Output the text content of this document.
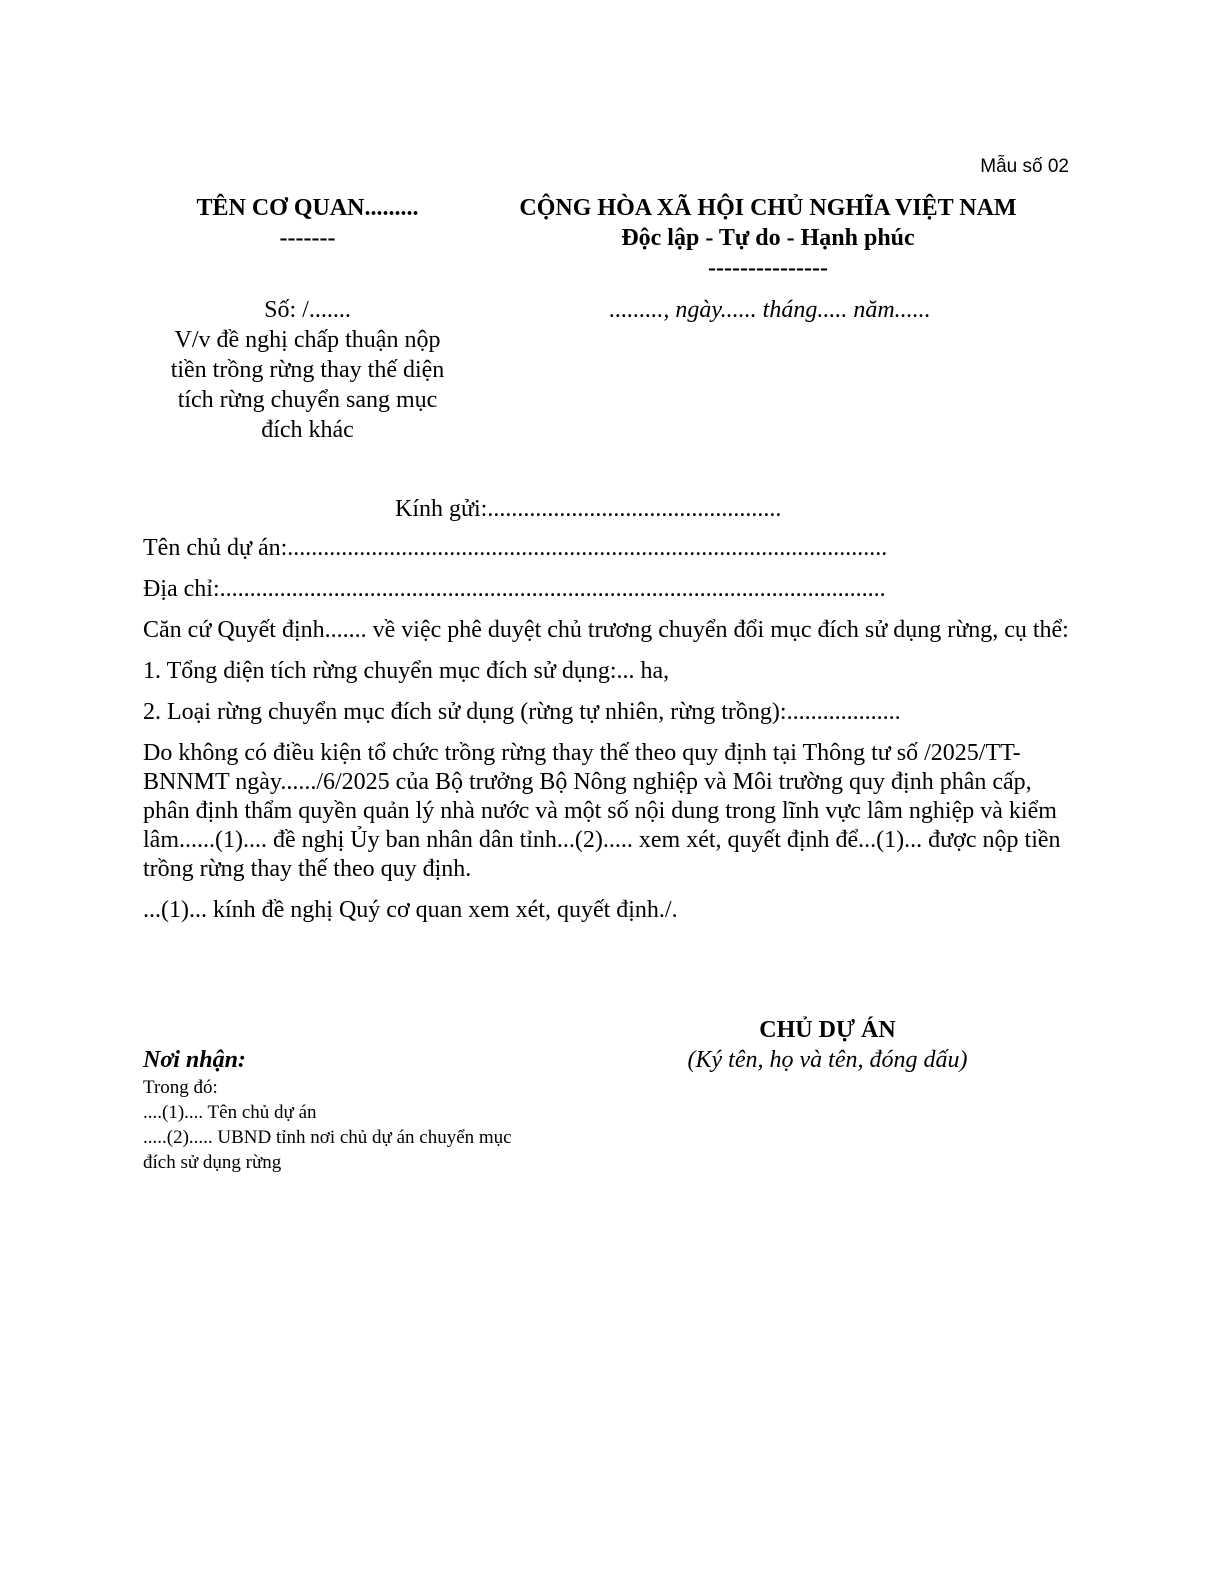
Mẫu số 02
TÊN CƠ QUAN.........
-------
CỘNG HÒA XÃ HỘI CHỦ NGHĨA VIỆT NAM
Độc lập - Tự do - Hạnh phúc
---------------
Số: /.......
V/v đề nghị chấp thuận nộp
tiền trồng rừng thay thế diện
tích rừng chuyển sang mục
đích khác
........., ngày...... tháng..... năm......

Kính gửi:.................................................

Tên chủ dự án:....................................................................................................

Địa chỉ:...............................................................................................................

Căn cứ Quyết định....... về việc phê duyệt chủ trương chuyển đổi mục đích sử dụng rừng, cụ thể:

1. Tổng diện tích rừng chuyển mục đích sử dụng:... ha,

2. Loại rừng chuyển mục đích sử dụng (rừng tự nhiên, rừng trồng):...................

Do không có điều kiện tổ chức trồng rừng thay thế theo quy định tại Thông tư số /2025/TT-BNNMT ngày....../6/2025 của Bộ trưởng Bộ Nông nghiệp và Môi trường quy định phân cấp, phân định thẩm quyền quản lý nhà nước và một số nội dung trong lĩnh vực lâm nghiệp và kiểm lâm......(1).... đề nghị Ủy ban nhân dân tỉnh...(2)..... xem xét, quyết định để...(1)... được nộp tiền trồng rừng thay thế theo quy định.

...(1)... kính đề nghị Quý cơ quan xem xét, quyết định./.

CHỦ DỰ ÁN
(Ký tên, họ và tên, đóng dấu)
Nơi nhận:
Trong đó:
....(1).... Tên chủ dự án
.....(2)..... UBND tỉnh nơi chủ dự án chuyển mục
đích sử dụng rừng
